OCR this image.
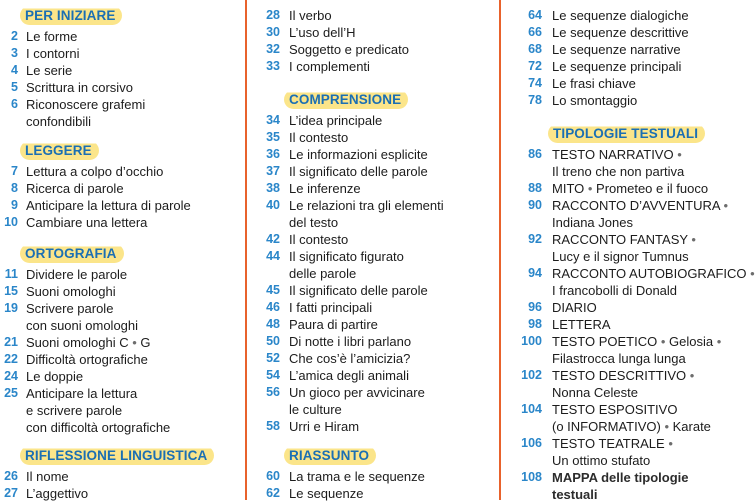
PER INIZIARE
2 Le forme
3 I contorni
4 Le serie
5 Scrittura in corsivo
6 Riconoscere grafemi
confondibili
LEGGERE
7 Lettura a colpo d’occhio
8 Ricerca di parole
9 Anticipare la lettura di parole
10 Cambiare una lettera
ORTOGRAFIA
11 Dividere le parole
15 Suoni omologhi
19 Scrivere parole
con suoni omologhi
21 Suoni omologhi C • G
22 Difficoltà ortografiche
24 Le doppie
25 Anticipare la lettura
e scrivere parole
con difficoltà ortografiche
RIFLESSIONE LINGUISTICA
26 Il nome
27 L’aggettivo
28 Il verbo
30 L’uso dell’H
32 Soggetto e predicato
33 I complementi
COMPRENSIONE
34 L’idea principale
35 Il contesto
36 Le informazioni esplicite
37 Il significato delle parole
38 Le inferenze
40 Le relazioni tra gli elementi
del testo
42 Il contesto
44 Il significato figurato
delle parole
45 Il significato delle parole
46 I fatti principali
48 Paura di partire
50 Di notte i libri parlano
52 Che cos’è l’amicizia?
54 L’amica degli animali
56 Un gioco per avvicinare
le culture
58 Urri e Hiram
RIASSUNTO
60 La trama e le sequenze
62 Le sequenze
64 Le sequenze dialogiche
66 Le sequenze descrittive
68 Le sequenze narrative
72 Le sequenze principali
74 Le frasi chiave
78 Lo smontaggio
TIPOLOGIE TESTUALI
86 TESTO NARRATIVO •
Il treno che non partiva
88 MITO • Prometeo e il fuoco
90 RACCONTO D’AVVENTURA •
Indiana Jones
92 RACCONTO FANTASY •
Lucy e il signor Tumnus
94 RACCONTO AUTOBIOGRAFICO •
I francobolli di Donald
96 DIARIO
98 LETTERA
100 TESTO POETICO • Gelosia •
Filastrocca lunga lunga
102 TESTO DESCRITTIVO •
Nonna Celeste
104 TESTO ESPOSITIVO
(o INFORMATIVO) • Karate
106 TESTO TEATRALE •
Un ottimo stufato
108 MAPPA delle tipologie
testuali
